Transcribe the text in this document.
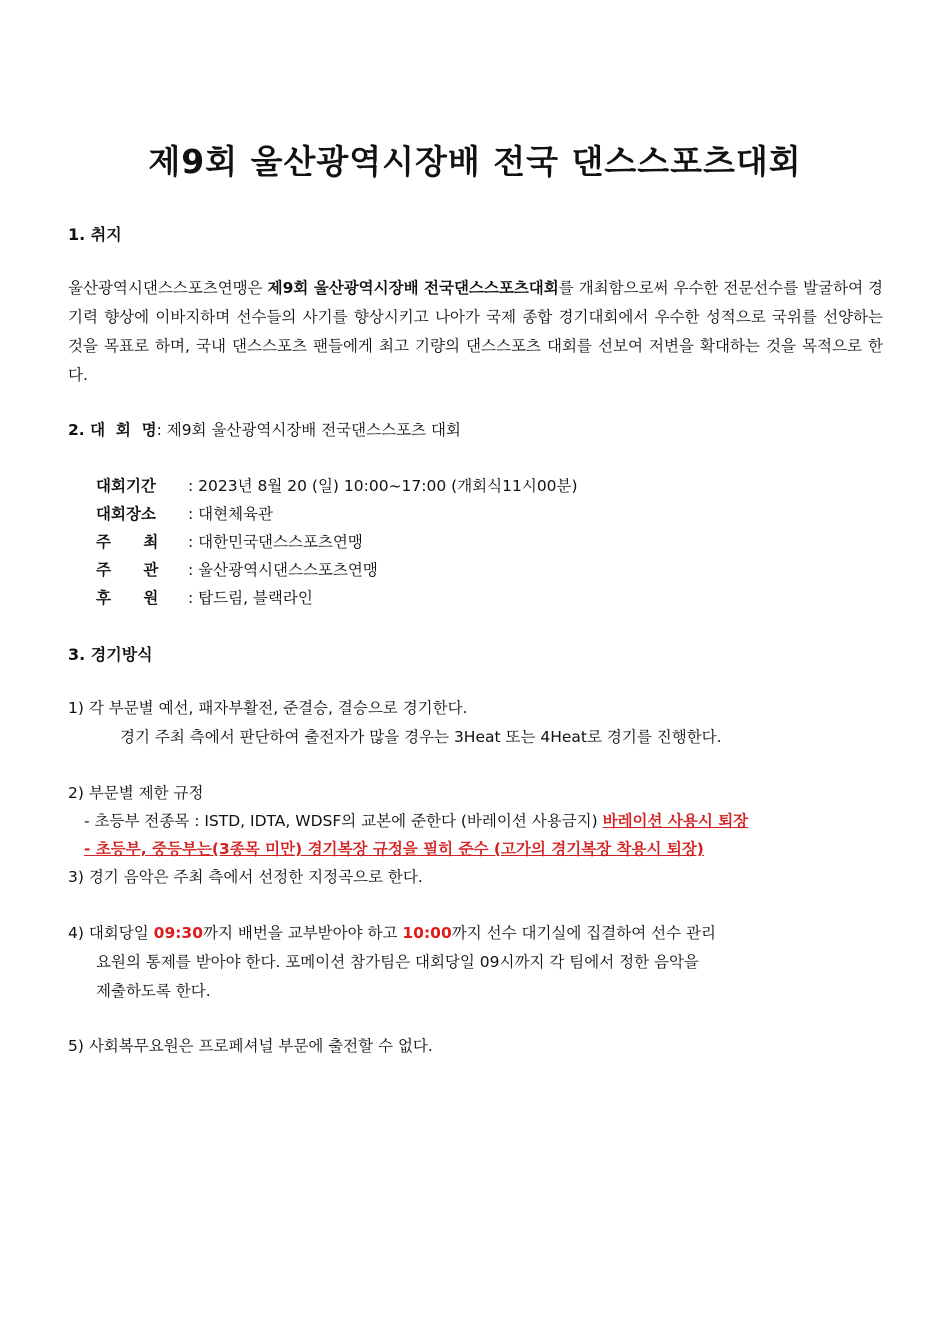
제9회 울산광역시장배 전국 댄스스포츠대회
1. 취지

울산광역시댄스스포츠연맹은 제9회 울산광역시장배 전국댄스스포츠대회를 개최함으로써 우수한 전문선수를 발굴하여 경기력 향상에 이바지하며 선수들의 사기를 향상시키고 나아가 국제 종합 경기대회에서 우수한 성적으로 국위를 선양하는 것을 목표로 하며, 국내 댄스스포츠 팬들에게 최고 기량의 댄스스포츠 대회를 선보여 저변을 확대하는 것을 목적으로 한다.

2. 대  회  명: 제9회 울산광역시장배 전국댄스스포츠 대회
대회기간 : 2023년 8월 20 (일) 10:00~17:00 (개회식11시00분)
대회장소 : 대현체육관
주      최 : 대한민국댄스스포츠연맹
주      관 : 울산광역시댄스스포츠연맹
후      원 : 탑드림, 블랙라인
3. 경기방식
1) 각 부문별 예선, 패자부활전, 준결승, 결승으로 경기한다.
경기 주최 측에서 판단하여 출전자가 많을 경우는 3Heat 또는 4Heat로 경기를 진행한다.
2) 부문별 제한 규정
- 초등부 전종목 : ISTD, IDTA, WDSF의 교본에 준한다 (바레이션 사용금지) 바레이션 사용시 퇴장
- 초등부, 중등부는(3종목 미만) 경기복장 규정을 필히 준수 (고가의 경기복장 착용시 퇴장)
3) 경기 음악은 주최 측에서 선정한 지정곡으로 한다.
4) 대회당일 09:30까지 배번을 교부받아야 하고 10:00까지 선수 대기실에 집결하여 선수 관리
요원의 통제를 받아야 한다. 포메이션 참가팀은 대회당일 09시까지 각 팀에서 정한 음악을
제출하도록 한다.
5) 사회복무요원은 프로페셔널 부문에 출전할 수 없다.
